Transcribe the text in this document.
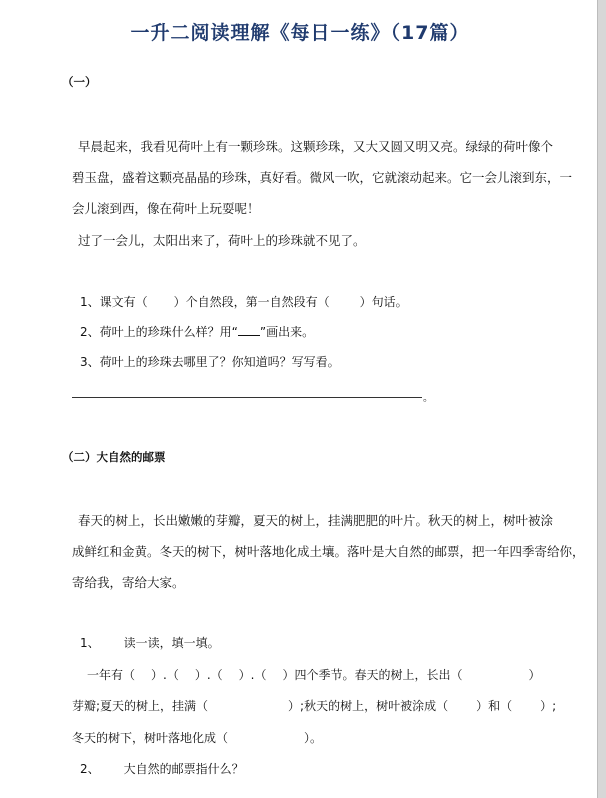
一升二阅读理解《每日一练》（17篇）
（一）
早晨起来，我看见荷叶上有一颗珍珠。这颗珍珠，又大又圆又明又亮。绿绿的荷叶像个
碧玉盘，盛着这颗亮晶晶的珍珠，真好看。微风一吹，它就滚动起来。它一会儿滚到东，一
会儿滚到西，像在荷叶上玩耍呢！
过了一会儿，太阳出来了，荷叶上的珍珠就不见了。
1、课文有（ ）个自然段，第一自然段有（	）句话。
2、荷叶上的珍珠什么样？用“ ”画出来。
3、荷叶上的珍珠去哪里了？你知道吗？写写看。
。
（二）大自然的邮票
春天的树上，长出嫩嫩的芽瓣，夏天的树上，挂满肥肥的叶片。秋天的树上，树叶被涂
成鲜红和金黄。冬天的树下，树叶落地化成土壤。落叶是大自然的邮票，把一年四季寄给你，
寄给我，寄给大家。
1、 读一读，填一填。
一年有（ ）.（ ）.（ ）.（ ）四个季节。春天的树上，长出（	）
芽瓣;夏天的树上，挂满（	）;秋天的树上，树叶被涂成（ ）和（ ）;
冬天的树下，树叶落地化成（	）。
2、 大自然的邮票指什么？
